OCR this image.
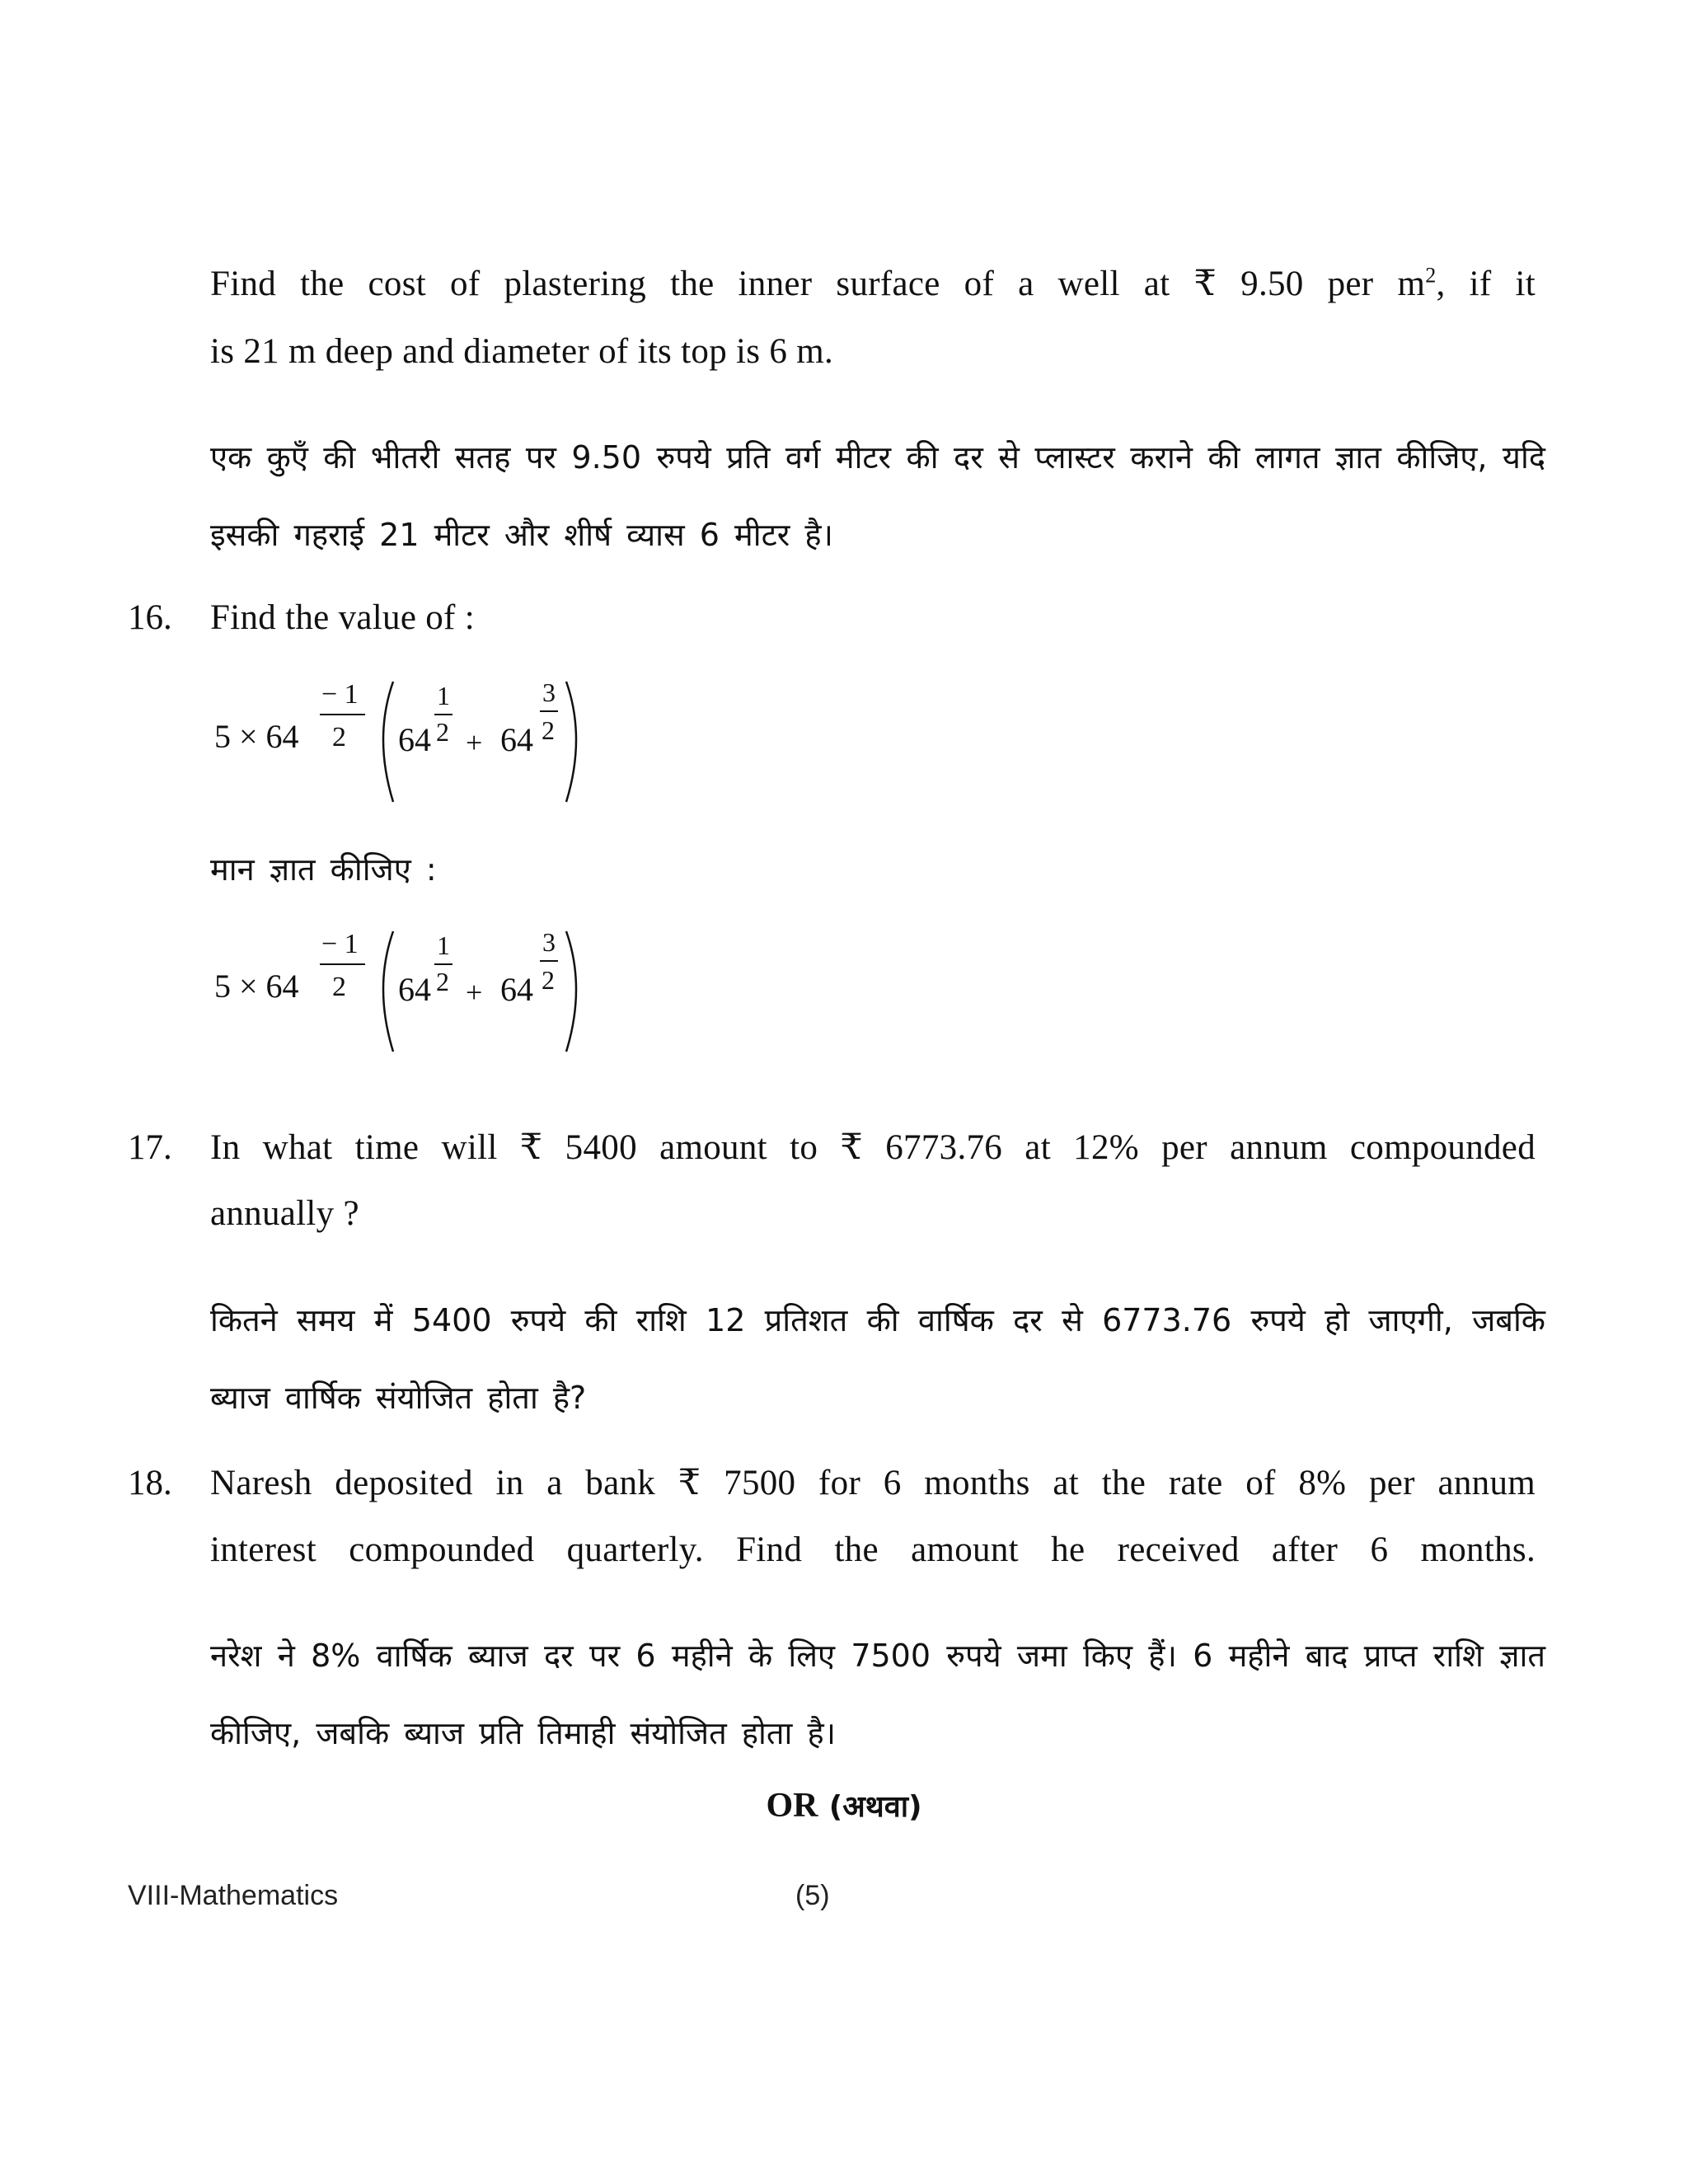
Find the cost of plastering the inner surface of a well at ₹ 9.50 per $m^2$, if it
is 21 m deep and diameter of its top is 6 m.
एक कुएँ की भीतरी सतह पर 9.50 रुपये प्रति वर्ग मीटर की दर से प्लास्टर कराने की लागत ज्ञात कीजिए, यदि इसकी गहराई 21 मीटर और शीर्ष व्यास 6 मीटर है।
16. Find the value of :
5 × 64
− 1
2 64
1
2 + 64
3
2
मान ज्ञात कीजिए :
5 × 64
− 1
2 64
1
2 + 64
3
2
17. In what time will ₹ 5400 amount to ₹ 6773.76 at 12% per annum compounded
annually ?
कितने समय में 5400 रुपये की राशि 12 प्रतिशत की वार्षिक दर से 6773.76 रुपये हो जाएगी, जबकि ब्याज वार्षिक संयोजित होता है?
18. Naresh deposited in a bank ₹ 7500 for 6 months at the rate of 8% per annum
interest compounded quarterly. Find the amount he received after 6 months.
नरेश ने 8% वार्षिक ब्याज दर पर 6 महीने के लिए 7500 रुपये जमा किए हैं। 6 महीने बाद प्राप्त राशि ज्ञात कीजिए, जबकि ब्याज प्रति तिमाही संयोजित होता है।
OR (अथवा)
VIII-Mathematics	(5)
